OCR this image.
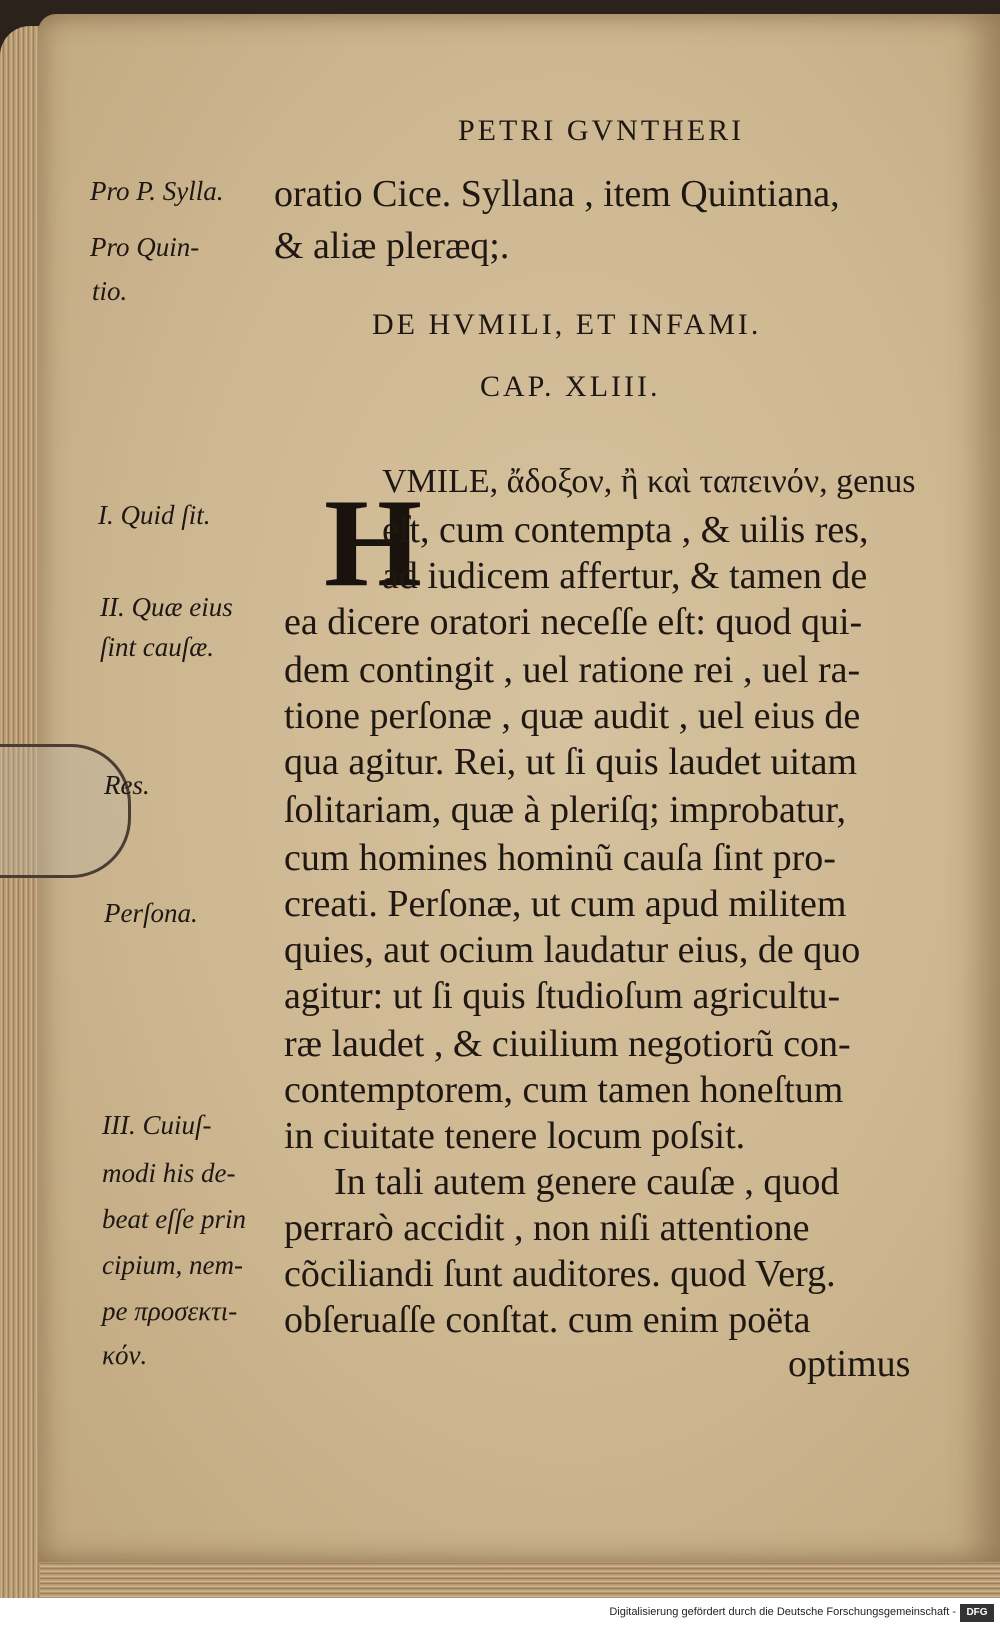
PETRI GVNTHERI
Pro P. Sylla.
Pro Quin-
tio.
oratio Cice. Syllana , item Quintiana,
& aliæ pleræq;.
DE HVMILI, ET INFAMI.
CAP. XLIII.
I. Quid ſit.
II. Quæ eius
ſint cauſæ.
Res.
Perſona.
III. Cuiuſ-
modi his de-
beat eſſe prin
cipium, nem-
pe προσεκτι-
κόν.
H
VMILE, ἄδοξον, ἢ καὶ ταπεινόν, genus
eſt, cum contempta , & uilis res,
ad iudicem affertur, & tamen de
ea dicere oratori neceſſe eſt: quod qui-
dem contingit , uel ratione rei , uel ra-
tione perſonæ , quæ audit , uel eius de
qua agitur. Rei, ut ſi quis laudet uitam
ſolitariam, quæ à pleriſq; improbatur,
cum homines hominũ cauſa ſint pro-
creati. Perſonæ, ut cum apud militem
quies, aut ocium laudatur eius, de quo
agitur: ut ſi quis ſtudioſum agricultu-
ræ laudet , & ciuilium negotiorũ con-
contemptorem, cum tamen honeſtum
in ciuitate tenere locum poſsit.
In tali autem genere cauſæ , quod
perrarò accidit , non niſi attentione
cõciliandi ſunt auditores. quod Verg.
obſeruaſſe conſtat. cum enim poëta
optimus
Digitalisierung gefördert durch die Deutsche Forschungsgemeinschaft -	DFG
